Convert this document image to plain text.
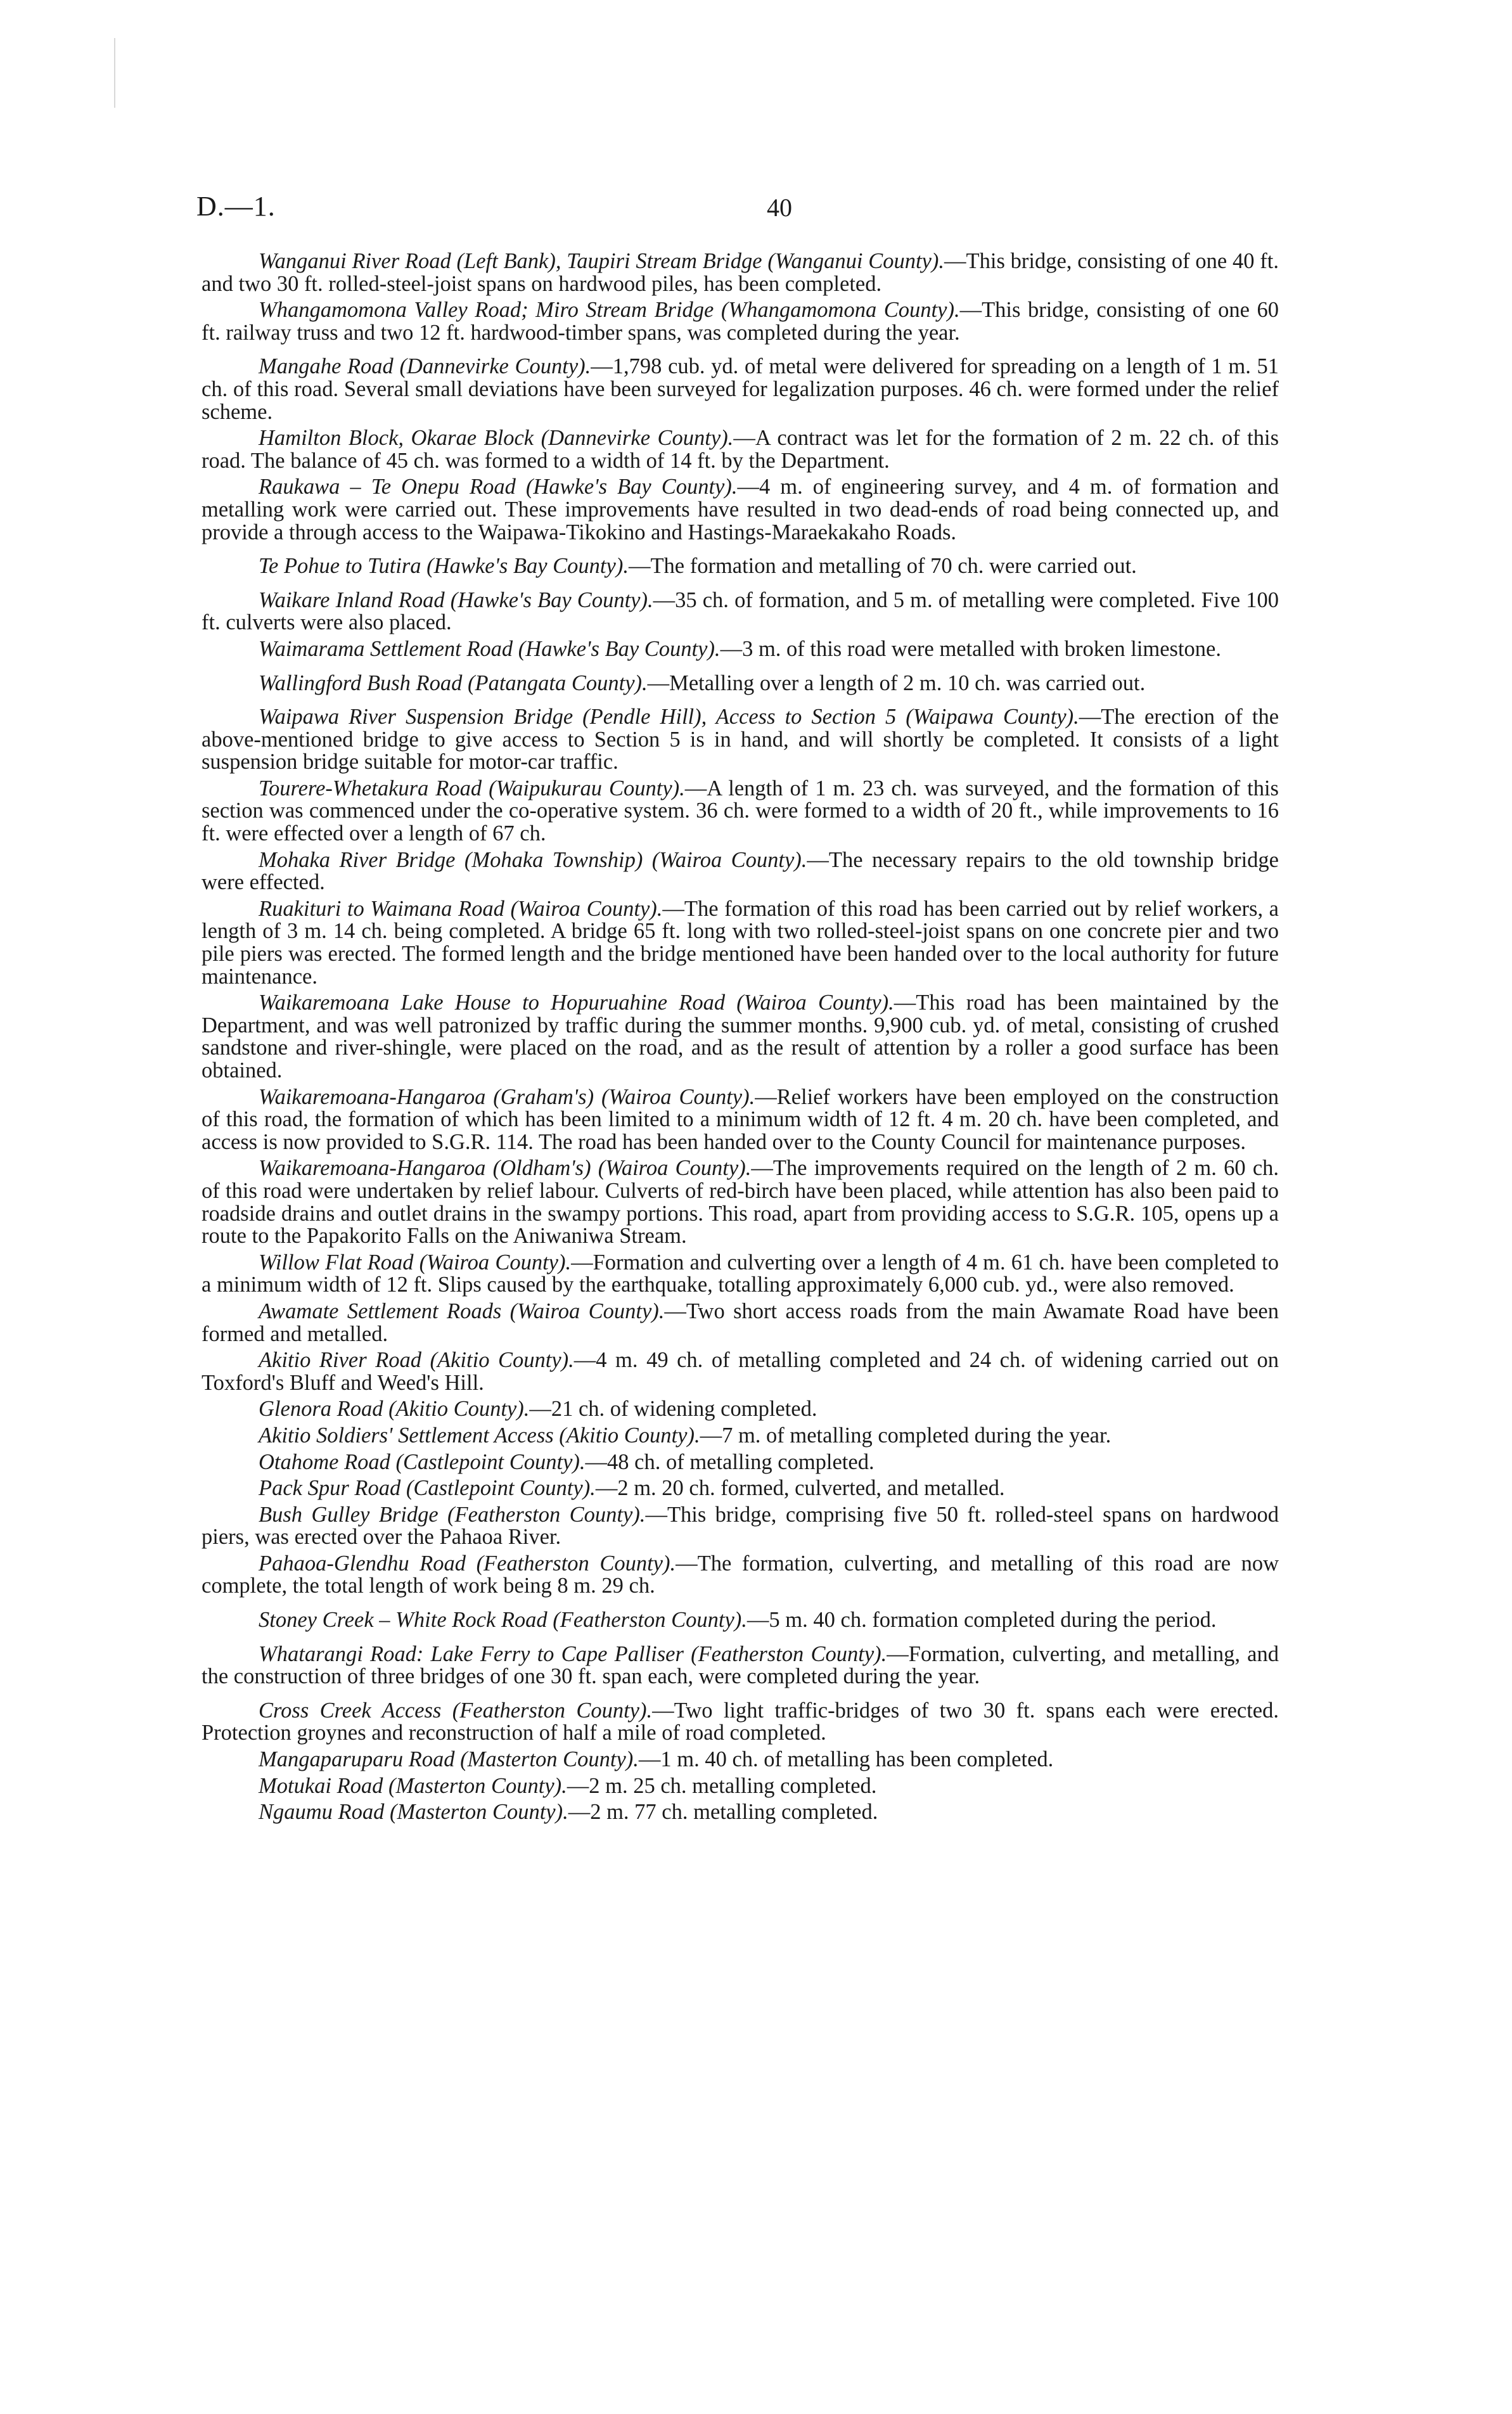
D.—1.	40

Wanganui River Road (Left Bank), Taupiri Stream Bridge (Wanganui County).—This bridge, consisting of one 40 ft. and two 30 ft. rolled-steel-joist spans on hardwood piles, has been completed.

Whangamomona Valley Road; Miro Stream Bridge (Whangamomona County).—This bridge, consisting of one 60 ft. railway truss and two 12 ft. hardwood-timber spans, was completed during the year.

Mangahe Road (Dannevirke County).—1,798 cub. yd. of metal were delivered for spreading on a length of 1 m. 51 ch. of this road. Several small deviations have been surveyed for legalization purposes. 46 ch. were formed under the relief scheme.

Hamilton Block, Okarae Block (Dannevirke County).—A contract was let for the formation of 2 m. 22 ch. of this road. The balance of 45 ch. was formed to a width of 14 ft. by the Department.

Raukawa – Te Onepu Road (Hawke's Bay County).—4 m. of engineering survey, and 4 m. of formation and metalling work were carried out. These improvements have resulted in two dead-ends of road being connected up, and provide a through access to the Waipawa-Tikokino and Hastings-Maraekakaho Roads.

Te Pohue to Tutira (Hawke's Bay County).—The formation and metalling of 70 ch. were carried out.

Waikare Inland Road (Hawke's Bay County).—35 ch. of formation, and 5 m. of metalling were completed. Five 100 ft. culverts were also placed.

Waimarama Settlement Road (Hawke's Bay County).—3 m. of this road were metalled with broken limestone.

Wallingford Bush Road (Patangata County).—Metalling over a length of 2 m. 10 ch. was carried out.

Waipawa River Suspension Bridge (Pendle Hill), Access to Section 5 (Waipawa County).—The erection of the above-mentioned bridge to give access to Section 5 is in hand, and will shortly be completed. It consists of a light suspension bridge suitable for motor-car traffic.

Tourere-Whetakura Road (Waipukurau County).—A length of 1 m. 23 ch. was surveyed, and the formation of this section was commenced under the co-operative system. 36 ch. were formed to a width of 20 ft., while improvements to 16 ft. were effected over a length of 67 ch.

Mohaka River Bridge (Mohaka Township) (Wairoa County).—The necessary repairs to the old township bridge were effected.

Ruakituri to Waimana Road (Wairoa County).—The formation of this road has been carried out by relief workers, a length of 3 m. 14 ch. being completed. A bridge 65 ft. long with two rolled-steel-joist spans on one concrete pier and two pile piers was erected. The formed length and the bridge mentioned have been handed over to the local authority for future maintenance.

Waikaremoana Lake House to Hopuruahine Road (Wairoa County).—This road has been maintained by the Department, and was well patronized by traffic during the summer months. 9,900 cub. yd. of metal, consisting of crushed sandstone and river-shingle, were placed on the road, and as the result of attention by a roller a good surface has been obtained.

Waikaremoana-Hangaroa (Graham's) (Wairoa County).—Relief workers have been employed on the construction of this road, the formation of which has been limited to a minimum width of 12 ft. 4 m. 20 ch. have been completed, and access is now provided to S.G.R. 114. The road has been handed over to the County Council for maintenance purposes.

Waikaremoana-Hangaroa (Oldham's) (Wairoa County).—The improvements required on the length of 2 m. 60 ch. of this road were undertaken by relief labour. Culverts of red-birch have been placed, while attention has also been paid to roadside drains and outlet drains in the swampy portions. This road, apart from providing access to S.G.R. 105, opens up a route to the Papakorito Falls on the Aniwaniwa Stream.

Willow Flat Road (Wairoa County).—Formation and culverting over a length of 4 m. 61 ch. have been completed to a minimum width of 12 ft. Slips caused by the earthquake, totalling approximately 6,000 cub. yd., were also removed.

Awamate Settlement Roads (Wairoa County).—Two short access roads from the main Awamate Road have been formed and metalled.

Akitio River Road (Akitio County).—4 m. 49 ch. of metalling completed and 24 ch. of widening carried out on Toxford's Bluff and Weed's Hill.

Glenora Road (Akitio County).—21 ch. of widening completed.

Akitio Soldiers' Settlement Access (Akitio County).—7 m. of metalling completed during the year.

Otahome Road (Castlepoint County).—48 ch. of metalling completed.

Pack Spur Road (Castlepoint County).—2 m. 20 ch. formed, culverted, and metalled.

Bush Gulley Bridge (Featherston County).—This bridge, comprising five 50 ft. rolled-steel spans on hardwood piers, was erected over the Pahaoa River.

Pahaoa-Glendhu Road (Featherston County).—The formation, culverting, and metalling of this road are now complete, the total length of work being 8 m. 29 ch.

Stoney Creek – White Rock Road (Featherston County).—5 m. 40 ch. formation completed during the period.

Whatarangi Road: Lake Ferry to Cape Palliser (Featherston County).—Formation, culverting, and metalling, and the construction of three bridges of one 30 ft. span each, were completed during the year.

Cross Creek Access (Featherston County).—Two light traffic-bridges of two 30 ft. spans each were erected. Protection groynes and reconstruction of half a mile of road completed.

Mangaparuparu Road (Masterton County).—1 m. 40 ch. of metalling has been completed.

Motukai Road (Masterton County).—2 m. 25 ch. metalling completed.

Ngaumu Road (Masterton County).—2 m. 77 ch. metalling completed.
